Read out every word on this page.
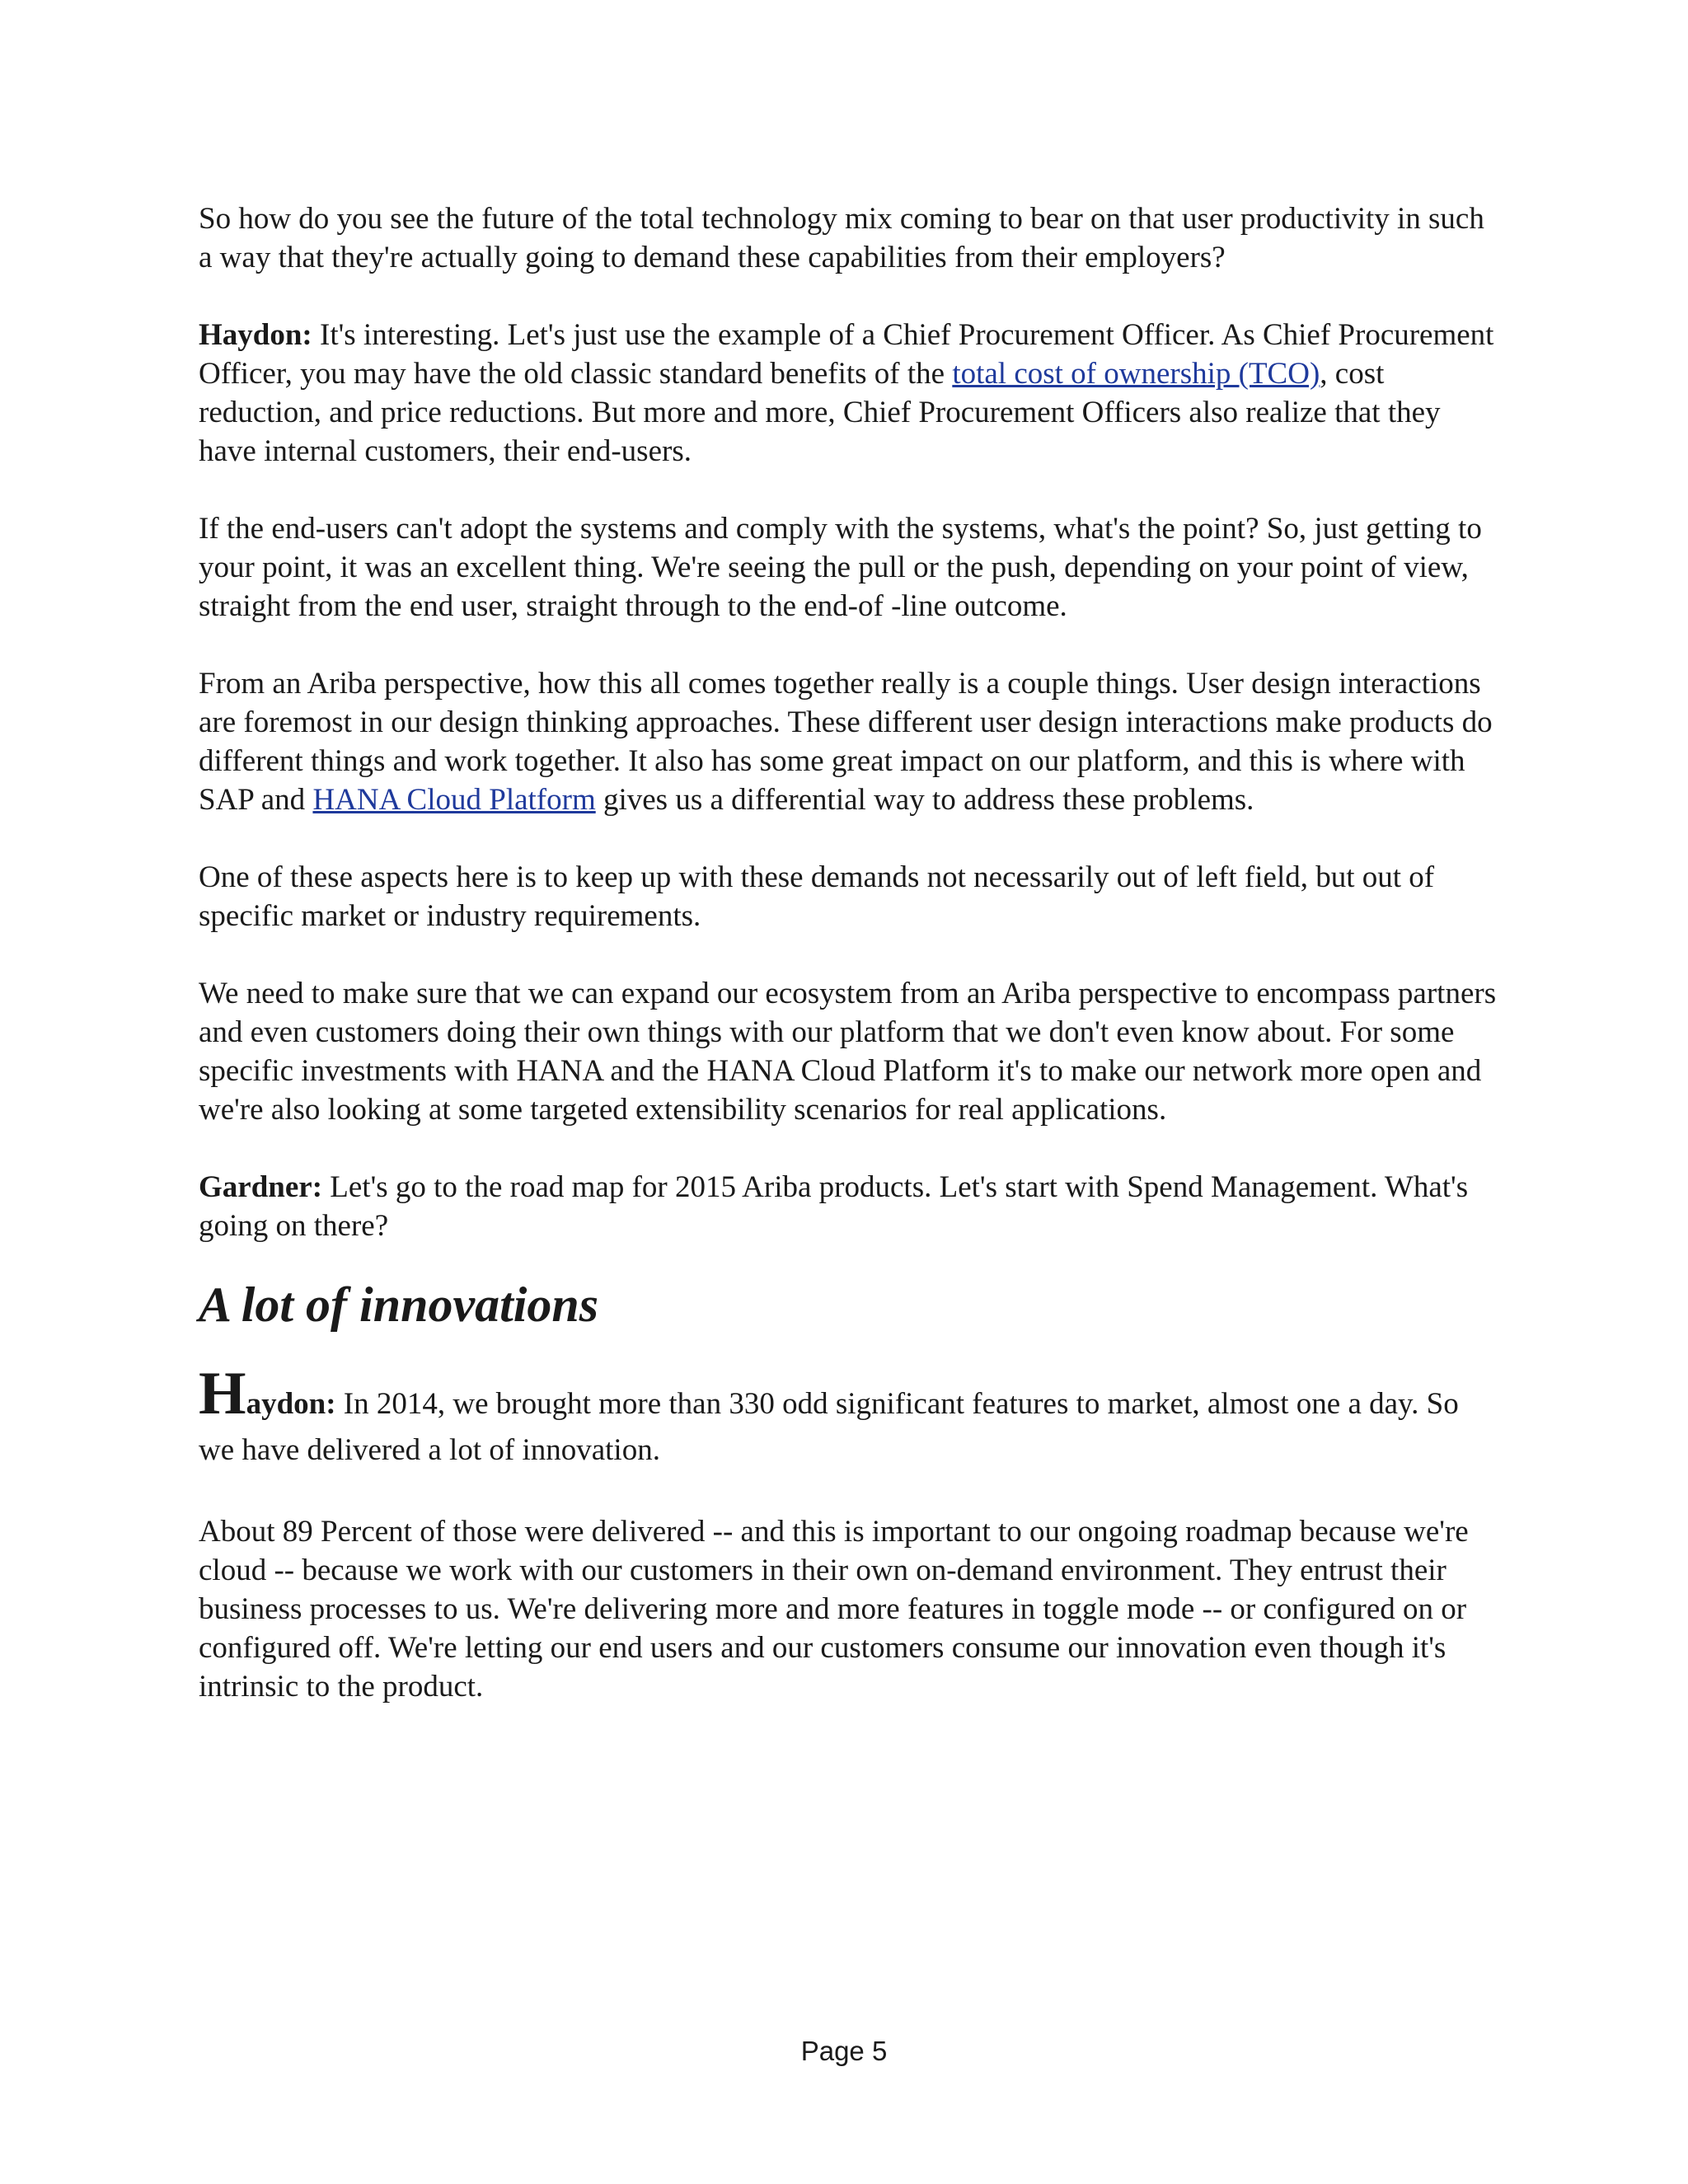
So how do you see the future of the total technology mix coming to bear on that user productivity in such a way that they're actually going to demand these capabilities from their employers?

Haydon: It's interesting. Let's just use the example of a Chief Procurement Officer. As Chief Procurement Officer, you may have the old classic standard benefits of the total cost of ownership (TCO), cost reduction, and price reductions. But more and more, Chief Procurement Officers also realize that they have internal customers, their end-users.

If the end-users can't adopt the systems and comply with the systems, what's the point? So, just getting to your point, it was an excellent thing. We're seeing the pull or the push, depending on your point of view, straight from the end user, straight through to the end-of -line outcome.

From an Ariba perspective, how this all comes together really is a couple things. User design interactions are foremost in our design thinking approaches. These different user design interactions make products do different things and work together. It also has some great impact on our platform, and this is where with SAP and HANA Cloud Platform gives us a differential way to address these problems.

One of these aspects here is to keep up with these demands not necessarily out of left field, but out of specific market or industry requirements.

We need to make sure that we can expand our ecosystem from an Ariba perspective to encompass partners and even customers doing their own things with our platform that we don't even know about. For some specific investments with HANA and the HANA Cloud Platform it's to make our network more open and we're also looking at some targeted extensibility scenarios for real applications.

Gardner: Let's go to the road map for 2015 Ariba products. Let's start with Spend Management. What's going on there?

A lot of innovations

Haydon: In 2014, we brought more than 330 odd significant features to market, almost one a day. So we have delivered a lot of innovation.

About 89 Percent of those were delivered -- and this is important to our ongoing roadmap because we're cloud -- because we work with our customers in their own on-demand environment. They entrust their business processes to us. We're delivering more and more features in toggle mode -- or configured on or configured off. We're letting our end users and our customers consume our innovation even though it's intrinsic to the product.

Page 5
